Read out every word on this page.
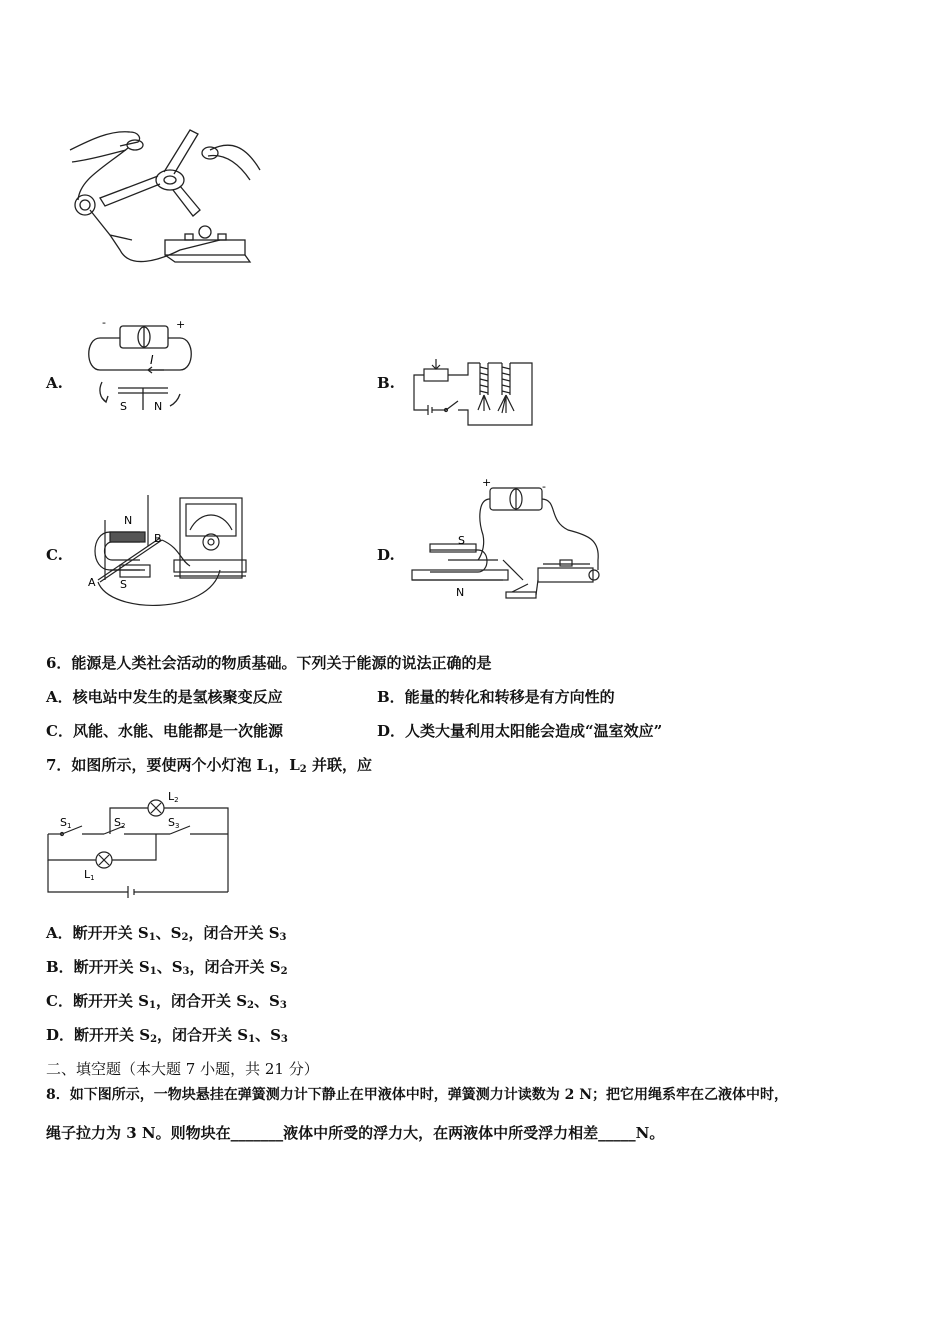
A.
-	+
I
S N
B.
C.
N
B
A S
D.
+	-
S
N
6．能源是人类社会活动的物质基础。下列关于能源的说法正确的是
A．核电站中发生的是氢核聚变反应	B．能量的转化和转移是有方向性的
C．风能、水能、电能都是一次能源	D．人类大量利用太阳能会造成“温室效应”
7．如图所示，要使两个小灯泡 $L_1$，$L_2$ 并联，应
S1	S2	S3
L1
L2
A．断开开关 $S_1$、$S_2$，闭合开关 $S_3$
B．断开开关 $S_1$、$S_3$，闭合开关 $S_2$
C．断开开关 $S_1$，闭合开关 $S_2$、$S_3$
D．断开开关 $S_2$，闭合开关 $S_1$、$S_3$
二、填空题（本大题 7 小题，共 21 分）
8．如下图所示，一物块悬挂在弹簧测力计下静止在甲液体中时，弹簧测力计读数为 2 N；把它用绳系牢在乙液体中时，
绳子拉力为 3 N。则物块在_______液体中所受的浮力大，在两液体中所受浮力相差_____N。
